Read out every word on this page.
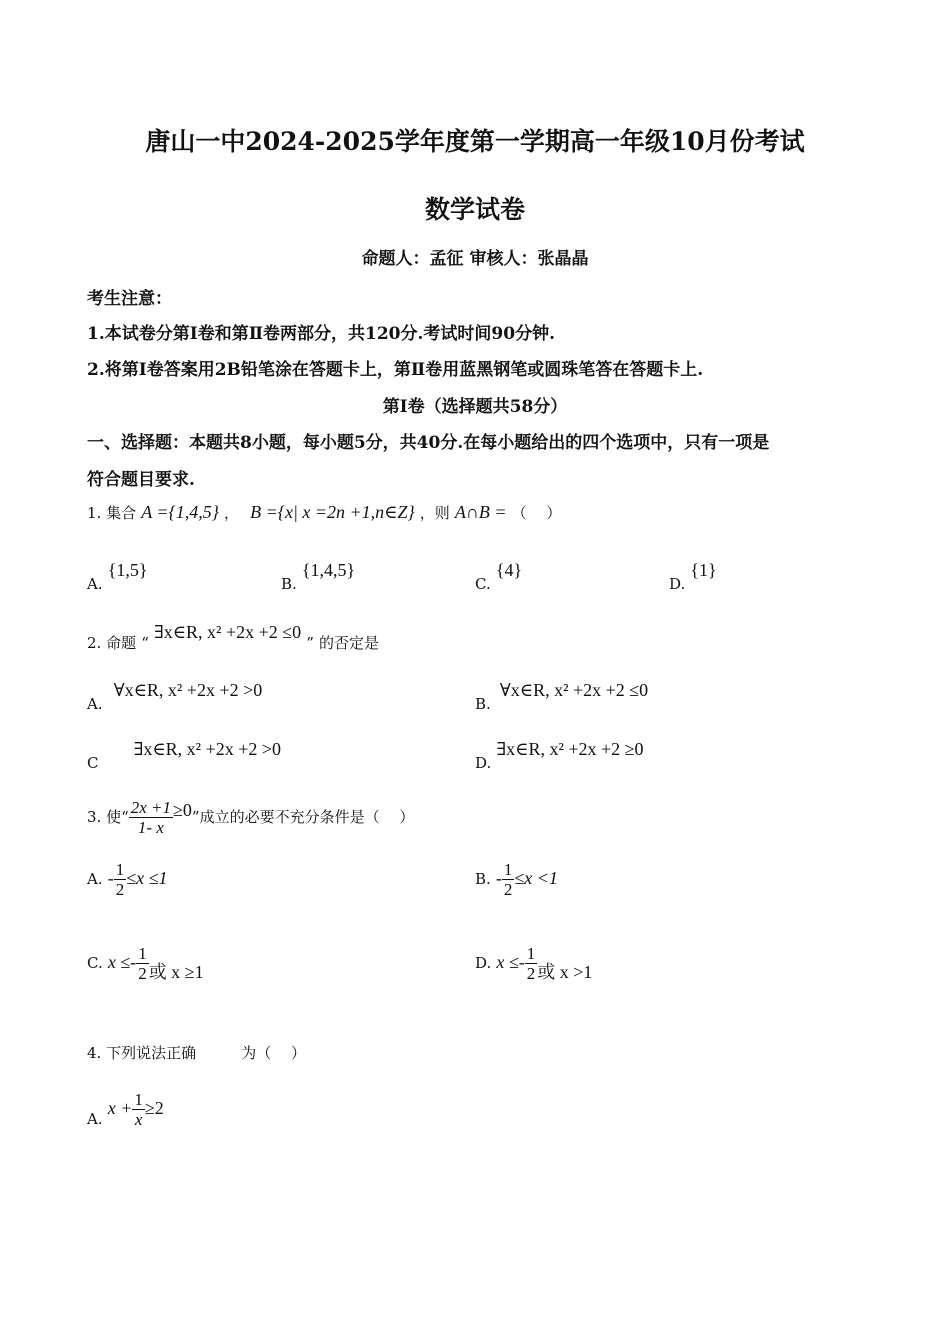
唐山一中2024-2025学年度第一学期高一年级10月份考试
数学试卷
命题人：孟征 审核人：张晶晶
考生注意：
1.本试卷分第I卷和第Ⅱ卷两部分，共120分.考试时间90分钟.
2.将第I卷答案用2B铅笔涂在答题卡上，第Ⅱ卷用蓝黑钢笔或圆珠笔答在答题卡上.
第I卷（选择题共58分）
一、选择题：本题共8小题，每小题5分，共40分.在每小题给出的四个选项中，只有一项是
符合题目要求.
1. 集合 A ={1,4,5} ， B ={x| x =2n +1,n∈Z} ，则 A∩B = （　 ）
A. {1,5}
B. {1,4,5}
C. {4}
D. {1}
2. 命题 “ ∃x∈R, x² +2x +2 ≤0 ” 的否定是
A. ∀x∈R, x² +2x +2 >0
B. ∀x∈R, x² +2x +2 ≤0
C ∃x∈R, x² +2x +2 >0
D. ∃x∈R, x² +2x +2 ≥0
3. 使“ $\frac{2x +1}{1- x} \ge 0$”成立的必要不充分条件是（　 ）
A. - $\frac{1}{2} \le x \le 1$	B. - $\frac{1}{2} \le x <1$
C. $x \le- \frac{1}{2}$ 或 x ≥1	D. $x \le- \frac{1}{2}$ 或 x >1
4. 下列说法正确	为（　 ）
A. $x + \frac{1}{x} \ge 2$
